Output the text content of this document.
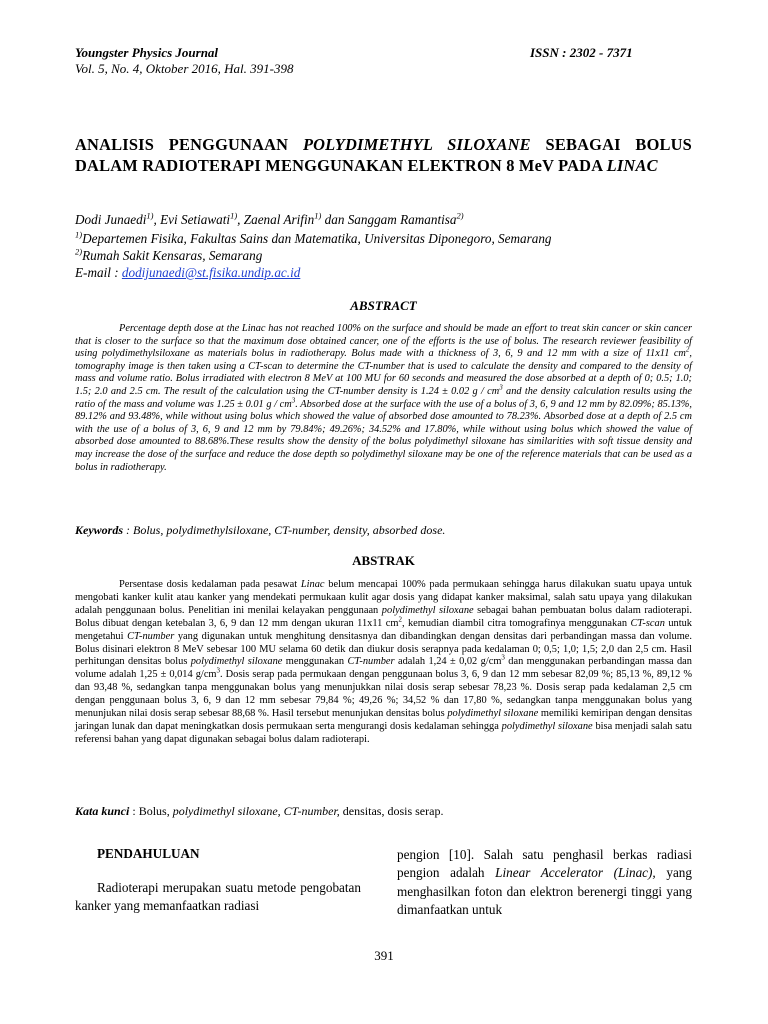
Youngster Physics Journal	ISSN : 2302 - 7371
Vol. 5, No. 4, Oktober 2016, Hal. 391-398
ANALISIS PENGGUNAAN POLYDIMETHYL SILOXANE SEBAGAI BOLUS DALAM RADIOTERAPI MENGGUNAKAN ELEKTRON 8 MeV PADA LINAC
Dodi Junaedi$^{1)}$, Evi Setiawati$^{1)}$, Zaenal Arifin$^{1)}$ dan Sanggam Ramantisa$^{2)}$
$^{1)}$Departemen Fisika, Fakultas Sains dan Matematika, Universitas Diponegoro, Semarang
$^{2)}$Rumah Sakit Kensaras, Semarang
E-mail : dodijunaedi@st.fisika.undip.ac.id
ABSTRACT

Percentage depth dose at the Linac has not reached 100% on the surface and should be made an effort to treat skin cancer or skin cancer that is closer to the surface so that the maximum dose obtained cancer, one of the efforts is the use of bolus. The research reviewer feasibility of using polydimethylsiloxane as materials bolus in radiotherapy. Bolus made with a thickness of 3, 6, 9 and 12 mm with a size of 11x11 $cm^2$, tomography image is then taken using a CT-scan to determine the CT-number that is used to calculate the density and compared to the density of mass and volume ratio. Bolus irradiated with electron 8 MeV at 100 MU for 60 seconds and measured the dose absorbed at a depth of 0; 0.5; 1.0; 1.5; 2.0 and 2.5 cm. The result of the calculation using the CT-number density is 1.24 ± 0.02 g / $cm^3$ and the density calculation results using the ratio of the mass and volume was 1.25 ± 0.01 g / $cm^3$. Absorbed dose at the surface with the use of a bolus of 3, 6, 9 and 12 mm by 82.09%; 85.13%, 89.12% and 93.48%, while without using bolus which showed the value of absorbed dose amounted to 78.23%. Absorbed dose at a depth of 2.5 cm with the use of a bolus of 3, 6, 9 and 12 mm by 79.84%; 49.26%; 34.52% and 17.80%, while without using bolus which showed the value of absorbed dose amounted to 88.68%.These results show the density of the bolus polydimethyl siloxane has similarities with soft tissue density and may increase the dose of the surface and reduce the dose depth so polydimethyl siloxane may be one of the reference materials that can be used as a bolus in radiotherapy.

Keywords : Bolus, polydimethylsiloxane, CT-number, density, absorbed dose.
ABSTRAK

Persentase dosis kedalaman pada pesawat Linac belum mencapai 100% pada permukaan sehingga harus dilakukan suatu upaya untuk mengobati kanker kulit atau kanker yang mendekati permukaan kulit agar dosis yang didapat kanker maksimal, salah satu upaya yang dilakukan adalah penggunaan bolus. Penelitian ini menilai kelayakan penggunaan polydimethyl siloxane sebagai bahan pembuatan bolus dalam radioterapi. Bolus dibuat dengan ketebalan 3, 6, 9 dan 12 mm dengan ukuran 11x11 $cm^2$, kemudian diambil citra tomografinya menggunakan CT-scan untuk mengetahui CT-number yang digunakan untuk menghitung densitasnya dan dibandingkan dengan densitas dari perbandingan massa dan volume. Bolus disinari elektron 8 MeV sebesar 100 MU selama 60 detik dan diukur dosis serapnya pada kedalaman 0; 0,5; 1,0; 1,5; 2,0 dan 2,5 cm. Hasil perhitungan densitas bolus polydimethyl siloxane menggunakan CT-number adalah 1,24 ± 0,02 $g/cm^3$ dan menggunakan perbandingan massa dan volume adalah 1,25 ± 0,014 $g/cm^3$. Dosis serap pada permukaan dengan penggunaan bolus 3, 6, 9 dan 12 mm sebesar 82,09 %; 85,13 %, 89,12 % dan 93,48 %, sedangkan tanpa menggunakan bolus yang menunjukkan nilai dosis serap sebesar 78,23 %. Dosis serap pada kedalaman 2,5 cm dengan penggunaan bolus 3, 6, 9 dan 12 mm sebesar 79,84 %; 49,26 %; 34,52 % dan 17,80 %, sedangkan tanpa menggunakan bolus yang menunjukan nilai dosis serap sebesar 88,68 %. Hasil tersebut menunjukan densitas bolus polydimethyl siloxane memiliki kemiripan dengan densitas jaringan lunak dan dapat meningkatkan dosis permukaan serta mengurangi dosis kedalaman sehingga polydimethyl siloxane bisa menjadi salah satu referensi bahan yang dapat digunakan sebagai bolus dalam radioterapi.

Kata kunci : Bolus, polydimethyl siloxane, CT-number, densitas, dosis serap.
PENDAHULUAN
Radioterapi merupakan suatu metode pengobatan kanker yang memanfaatkan radiasi
pengion [10]. Salah satu penghasil berkas radiasi pengion adalah Linear Accelerator (Linac), yang menghasilkan foton dan elektron berenergi tinggi yang dimanfaatkan untuk
391
